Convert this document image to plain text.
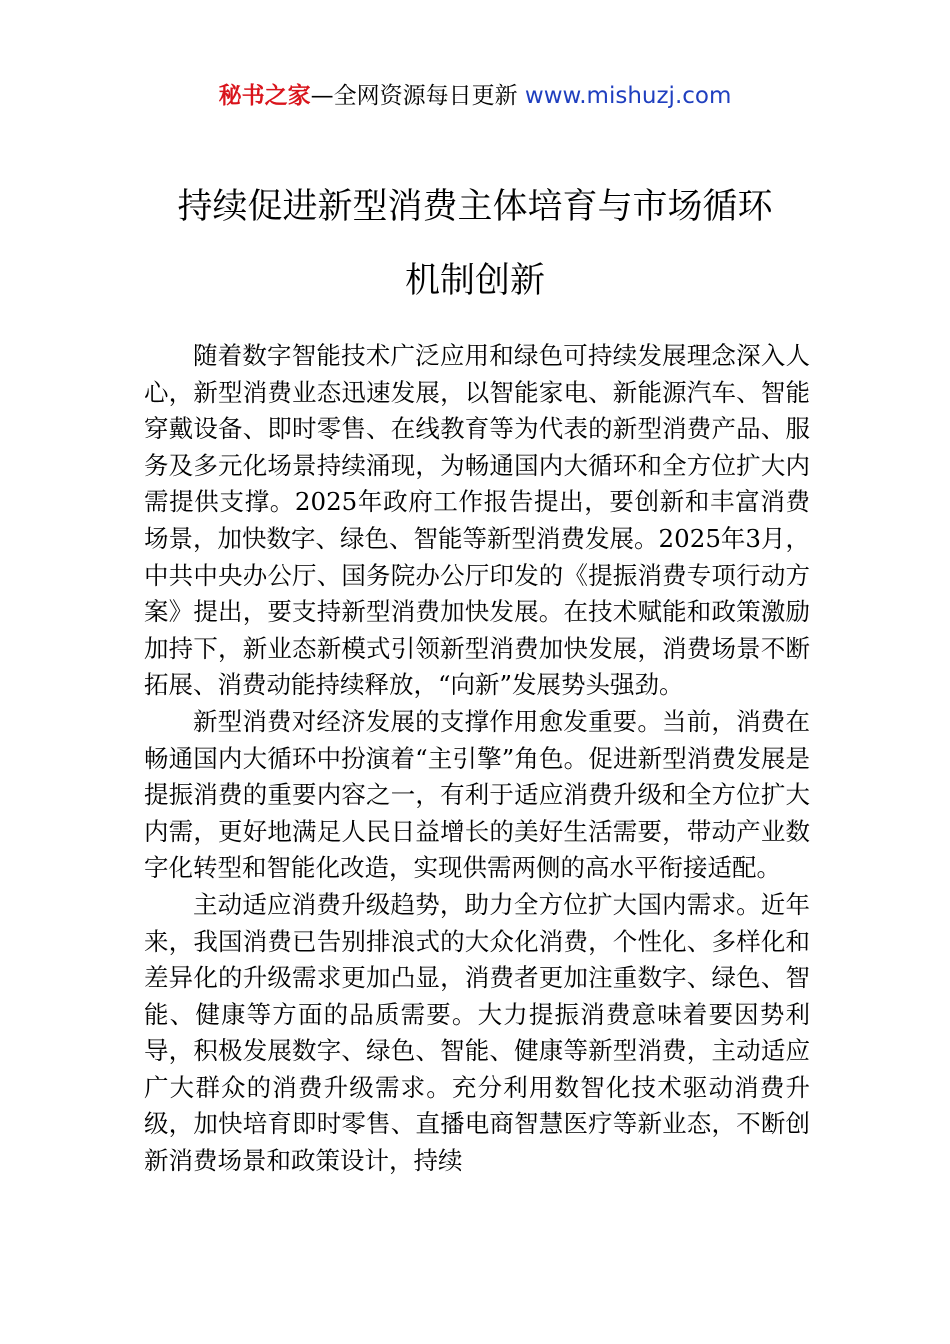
秘书之家—全网资源每日更新 www.mishuzj.com
持续促进新型消费主体培育与市场循环
机制创新

随着数字智能技术广泛应用和绿色可持续发展理念深入人心，新型消费业态迅速发展，以智能家电、新能源汽车、智能穿戴设备、即时零售、在线教育等为代表的新型消费产品、服务及多元化场景持续涌现，为畅通国内大循环和全方位扩大内需提供支撑。2025年政府工作报告提出，要创新和丰富消费场景，加快数字、绿色、智能等新型消费发展。2025年3月，中共中央办公厅、国务院办公厅印发的《提振消费专项行动方案》提出，要支持新型消费加快发展。在技术赋能和政策激励加持下，新业态新模式引领新型消费加快发展，消费场景不断拓展、消费动能持续释放，“向新”发展势头强劲。

新型消费对经济发展的支撑作用愈发重要。当前，消费在畅通国内大循环中扮演着“主引擎”角色。促进新型消费发展是提振消费的重要内容之一，有利于适应消费升级和全方位扩大内需，更好地满足人民日益增长的美好生活需要，带动产业数字化转型和智能化改造，实现供需两侧的高水平衔接适配。

主动适应消费升级趋势，助力全方位扩大国内需求。近年来，我国消费已告别排浪式的大众化消费，个性化、多样化和差异化的升级需求更加凸显，消费者更加注重数字、绿色、智能、健康等方面的品质需要。大力提振消费意味着要因势利导，积极发展数字、绿色、智能、健康等新型消费，主动适应广大群众的消费升级需求。充分利用数智化技术驱动消费升级，加快培育即时零售、直播电商智慧医疗等新业态，不断创新消费场景和政策设计，持续
